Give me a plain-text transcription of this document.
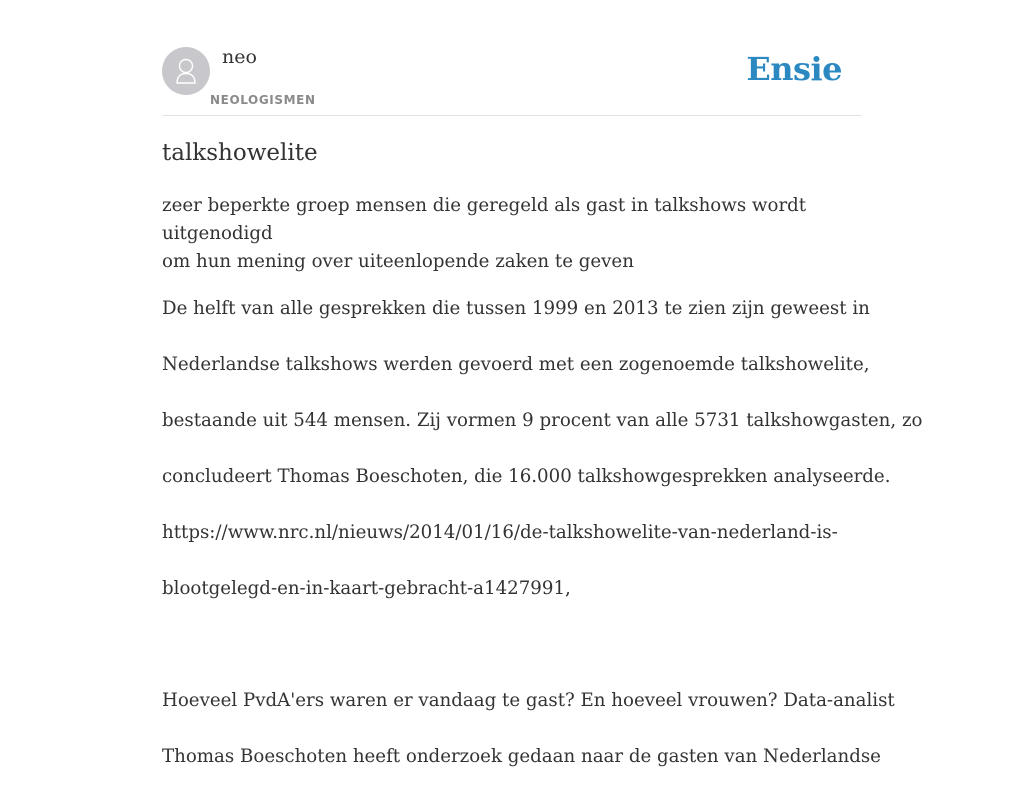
neo
NEOLOGISMEN
Ensie
talkshowelite

zeer beperkte groep mensen die geregeld als gast in talkshows wordt uitgenodigd
om hun mening over uiteenlopende zaken te geven

De helft van alle gesprekken die tussen 1999 en 2013 te zien zijn geweest in

Nederlandse talkshows werden gevoerd met een zogenoemde talkshowelite,

bestaande uit 544 mensen. Zij vormen 9 procent van alle 5731 talkshowgasten, zo

concludeert Thomas Boeschoten, die 16.000 talkshowgesprekken analyseerde.

https://www.nrc.nl/nieuws/2014/01/16/de-talkshowelite-van-nederland-is-

blootgelegd-en-in-kaart-gebracht-a1427991,

Hoeveel PvdA'ers waren er vandaag te gast? En hoeveel vrouwen? Data-analist

Thomas Boeschoten heeft onderzoek gedaan naar de gasten van Nederlandse
